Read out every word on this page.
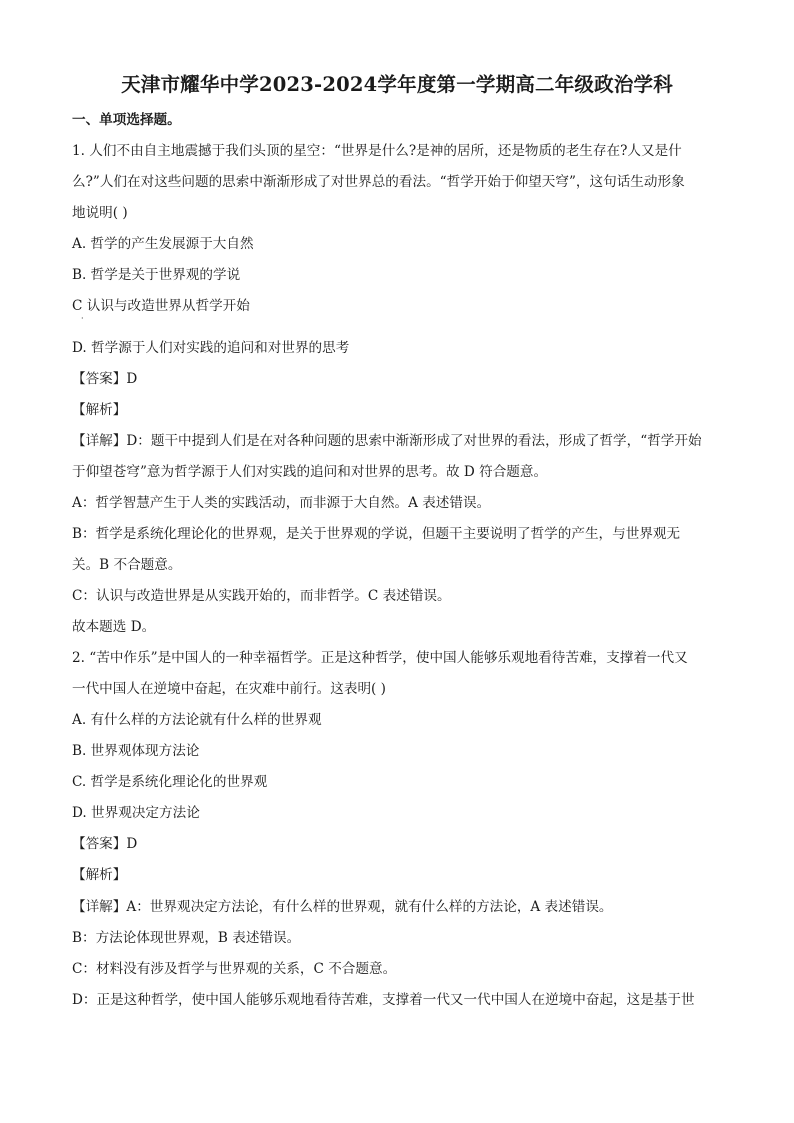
天津市耀华中学2023-2024学年度第一学期高二年级政治学科
一、单项选择题。
1. 人们不由自主地震撼于我们头顶的星空：“世界是什么?是神的居所，还是物质的老生存在?人又是什
么?”人们在对这些问题的思索中渐渐形成了对世界总的看法。“哲学开始于仰望天穹”，这句话生动形象
地说明( )
A. 哲学的产生发展源于大自然
B. 哲学是关于世界观的学说
C 认识与改造世界从哲学开始
·
D. 哲学源于人们对实践的追问和对世界的思考
【答案】D
【解析】
【详解】D：题干中提到人们是在对各种问题的思索中渐渐形成了对世界的看法，形成了哲学，“哲学开始
于仰望苍穹”意为哲学源于人们对实践的追问和对世界的思考。故 D 符合题意。
A：哲学智慧产生于人类的实践活动，而非源于大自然。A 表述错误。
B：哲学是系统化理论化的世界观，是关于世界观的学说，但题干主要说明了哲学的产生，与世界观无
关。B 不合题意。
C：认识与改造世界是从实践开始的，而非哲学。C 表述错误。
故本题选 D。
2. “苦中作乐”是中国人的一种幸福哲学。正是这种哲学，使中国人能够乐观地看待苦难，支撑着一代又
一代中国人在逆境中奋起，在灾难中前行。这表明( )
A. 有什么样的方法论就有什么样的世界观
B. 世界观体现方法论
C. 哲学是系统化理论化的世界观
D. 世界观决定方法论
【答案】D
【解析】
【详解】A：世界观决定方法论，有什么样的世界观，就有什么样的方法论，A 表述错误。
B：方法论体现世界观，B 表述错误。
C：材料没有涉及哲学与世界观的关系，C 不合题意。
D：正是这种哲学，使中国人能够乐观地看待苦难，支撑着一代又一代中国人在逆境中奋起，这是基于世
